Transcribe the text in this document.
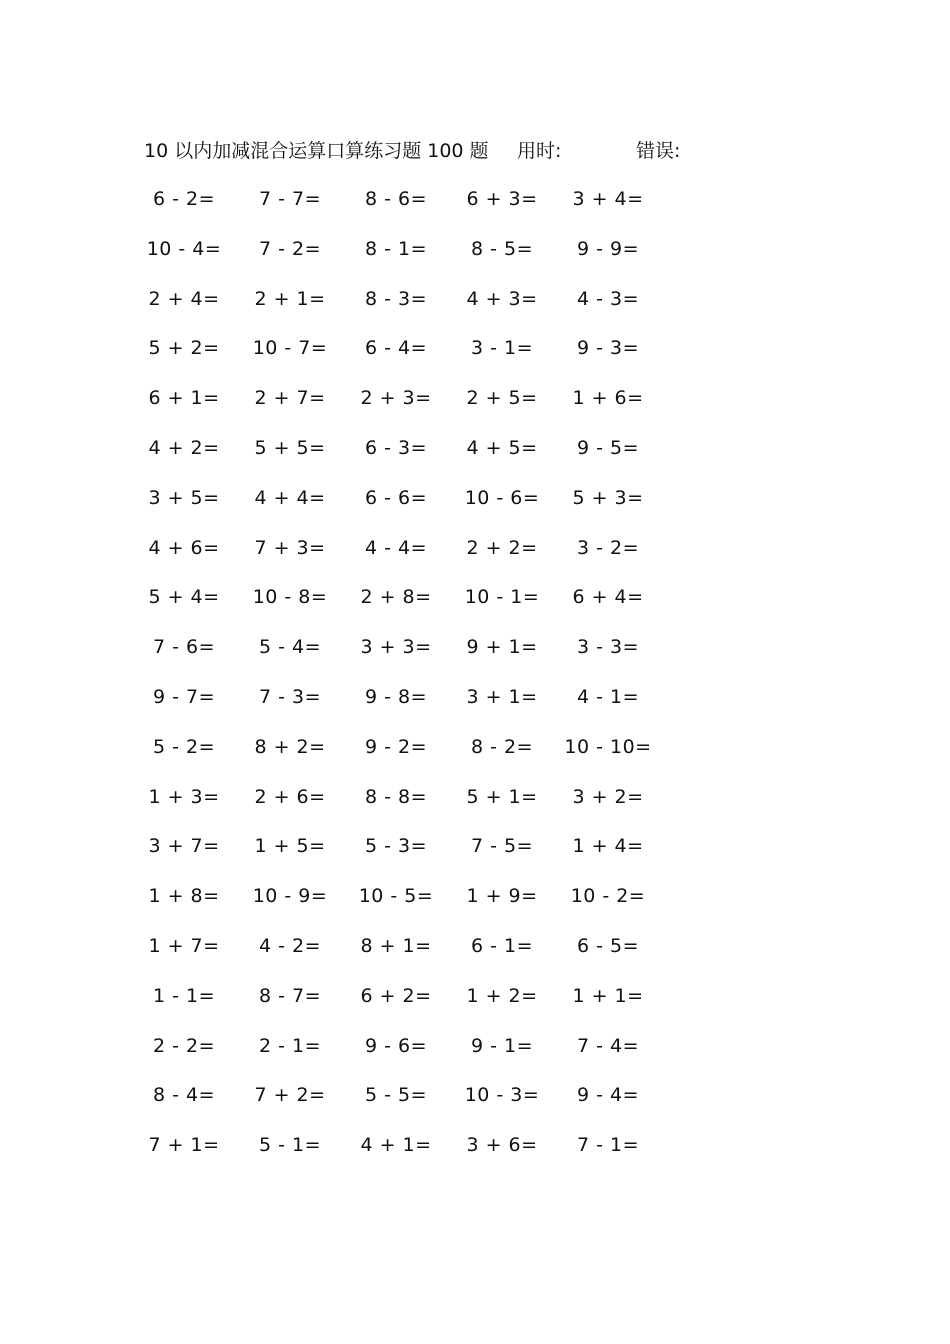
10 以内加减混合运算口算练习题 100 题 用时:	错误:
6 - 2= 7 - 7= 8 - 6= 6 + 3= 3 + 4=
10 - 4= 7 - 2= 8 - 1= 8 - 5= 9 - 9=
2 + 4= 2 + 1= 8 - 3= 4 + 3= 4 - 3=
5 + 2= 10 - 7= 6 - 4= 3 - 1= 9 - 3=
6 + 1= 2 + 7= 2 + 3= 2 + 5= 1 + 6=
4 + 2= 5 + 5= 6 - 3= 4 + 5= 9 - 5=
3 + 5= 4 + 4= 6 - 6= 10 - 6= 5 + 3=
4 + 6= 7 + 3= 4 - 4= 2 + 2= 3 - 2=
5 + 4= 10 - 8= 2 + 8= 10 - 1= 6 + 4=
7 - 6= 5 - 4= 3 + 3= 9 + 1= 3 - 3=
9 - 7= 7 - 3= 9 - 8= 3 + 1= 4 - 1=
5 - 2= 8 + 2= 9 - 2= 8 - 2= 10 - 10=
1 + 3= 2 + 6= 8 - 8= 5 + 1= 3 + 2=
3 + 7= 1 + 5= 5 - 3= 7 - 5= 1 + 4=
1 + 8= 10 - 9= 10 - 5= 1 + 9= 10 - 2=
1 + 7= 4 - 2= 8 + 1= 6 - 1= 6 - 5=
1 - 1= 8 - 7= 6 + 2= 1 + 2= 1 + 1=
2 - 2= 2 - 1= 9 - 6= 9 - 1= 7 - 4=
8 - 4= 7 + 2= 5 - 5= 10 - 3= 9 - 4=
7 + 1= 5 - 1= 4 + 1= 3 + 6= 7 - 1=
